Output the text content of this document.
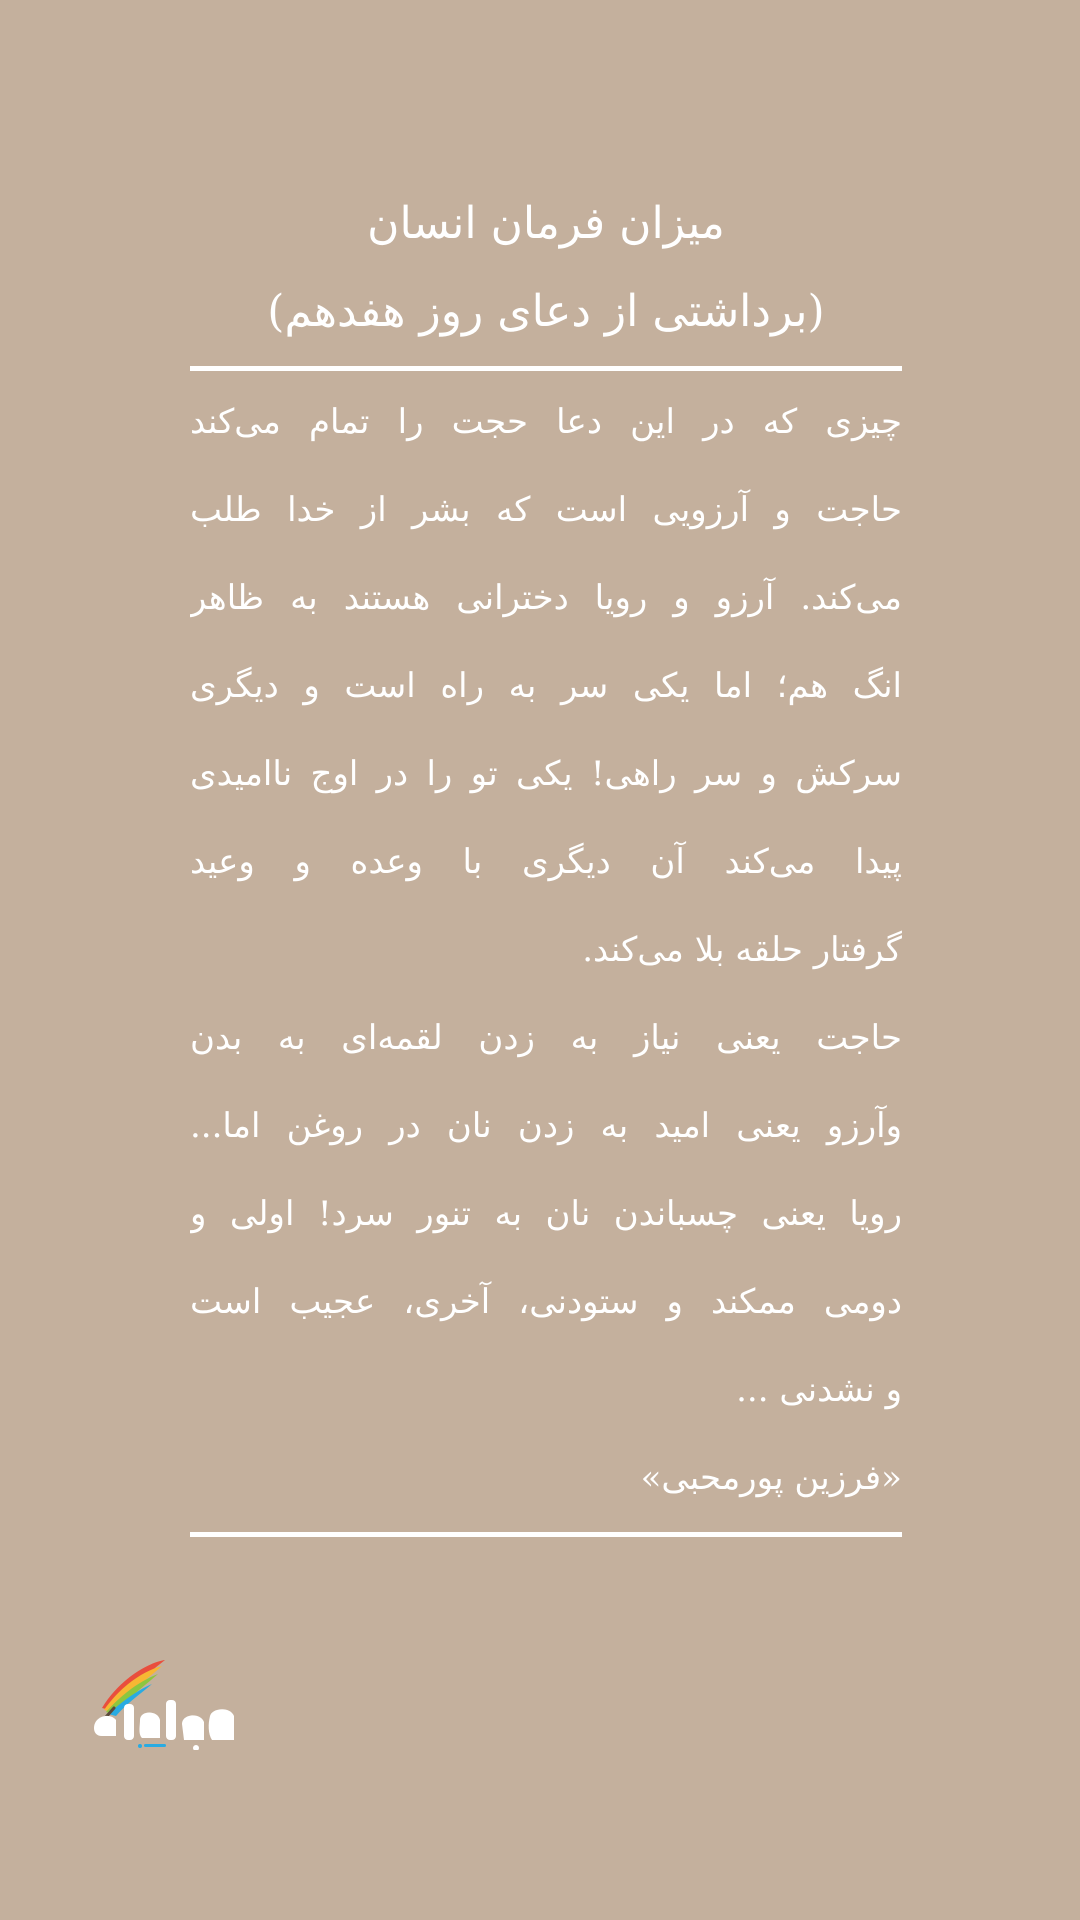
میزان فرمان انسان
(برداشتی از دعای روز هفدهم)
چیزی که در این دعا حجت را تمام می‌کند
حاجت و آرزویی است که بشر از خدا طلب
می‌کند. آرزو و رویا دخترانی هستند به ظاهر
انگ هم؛ اما یکی سر به راه است و دیگری
سرکش و سر راهی! یکی تو را در اوج ناامیدی
پیدا می‌کند آن دیگری با وعده و وعید
گرفتار حلقه بلا می‌کند.
حاجت یعنی نیاز به زدن لقمه‌ای به بدن
وآرزو یعنی امید به زدن نان در روغن اما...
رویا یعنی چسباندن نان به تنور سرد! اولی و
دومی ممکند و ستودنی، آخری، عجیب است
و نشدنی ...
«فرزین پورمحبی»
